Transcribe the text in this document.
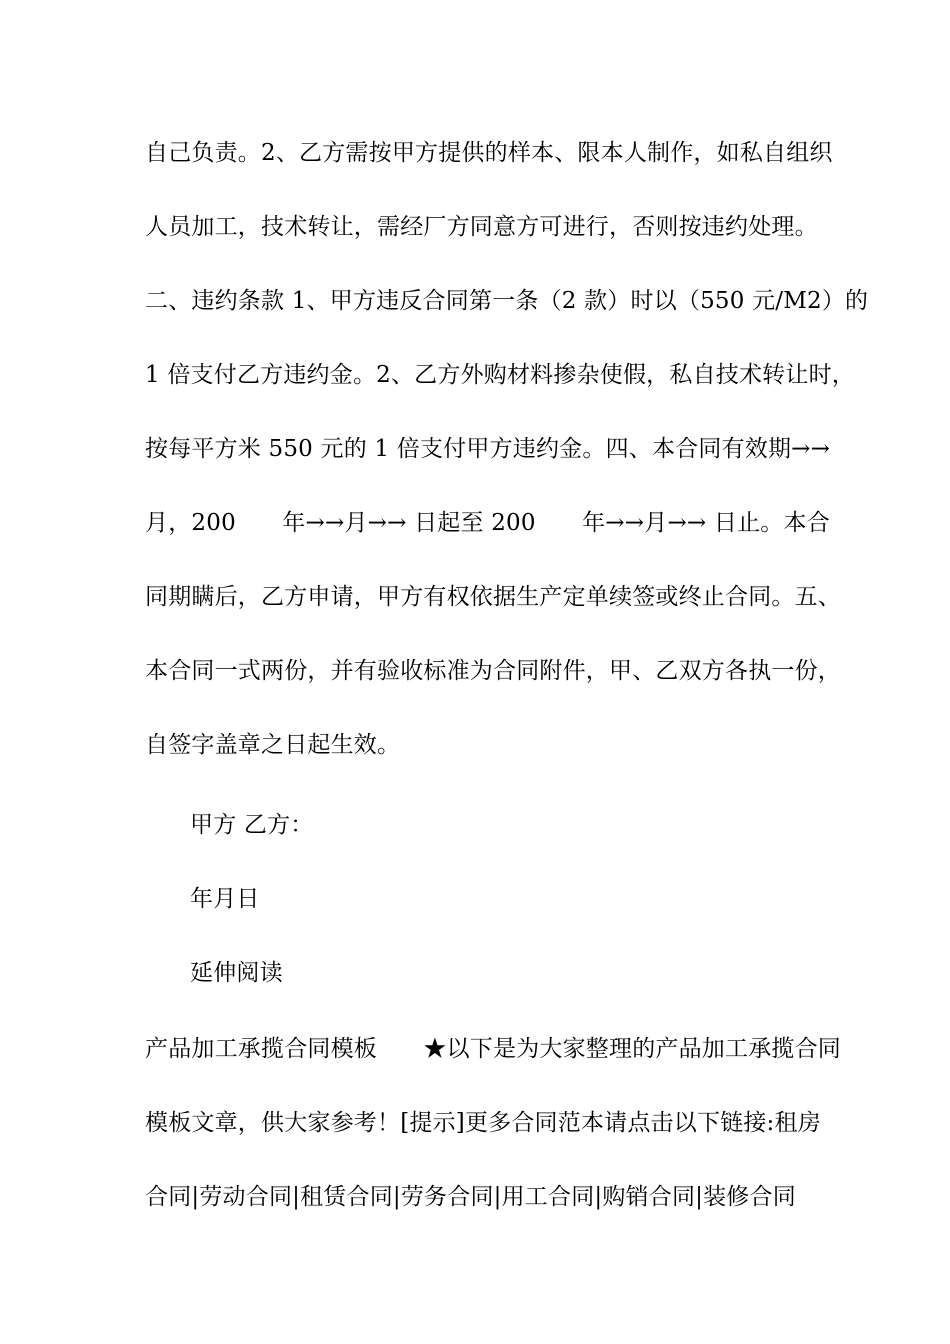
自己负责。2、乙方需按甲方提供的样本、限本人制作，如私自组织
人员加工，技术转让，需经厂方同意方可进行，否则按违约处理。
二、违约条款 1、甲方违反合同第一条（2 款）时以（550 元/M2）的
1 倍支付乙方违约金。2、乙方外购材料掺杂使假，私自技术转让时，
按每平方米 550 元的 1 倍支付甲方违约金。四、本合同有效期→→
月，200　　年→→月→→ 日起至 200　　年→→月→→ 日止。本合
同期瞒后，乙方申请，甲方有权依据生产定单续签或终止合同。五、
本合同一式两份，并有验收标准为合同附件，甲、乙双方各执一份，
自签字盖章之日起生效。
甲方 乙方：
年月日
延伸阅读
产品加工承揽合同模板　　★以下是为大家整理的产品加工承揽合同
模板文章，供大家参考！[提示]更多合同范本请点击以下链接:租房
合同|劳动合同|租赁合同|劳务合同|用工合同|购销合同|装修合同
